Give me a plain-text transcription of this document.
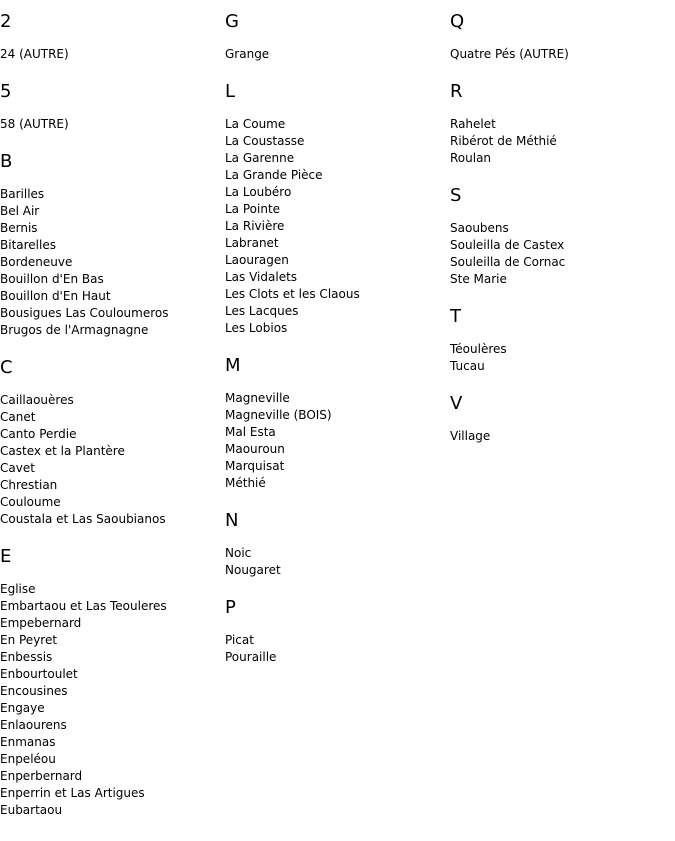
2
24 (AUTRE)
5
58 (AUTRE)
B
Barilles
Bel Air
Bernis
Bitarelles
Bordeneuve
Bouillon d'En Bas
Bouillon d'En Haut
Bousigues Las Couloumeros
Brugos de l'Armagnagne
C
Caillaouères
Canet
Canto Perdie
Castex et la Plantère
Cavet
Chrestian
Couloume
Coustala et Las Saoubianos
E
Eglise
Embartaou et Las Teouleres
Empebernard
En Peyret
Enbessis
Enbourtoulet
Encousines
Engaye
Enlaourens
Enmanas
Enpeléou
Enperbernard
Enperrin et Las Artigues
Eubartaou
G
Grange
L
La Coume
La Coustasse
La Garenne
La Grande Pièce
La Loubéro
La Pointe
La Rivière
Labranet
Laouragen
Las Vidalets
Les Clots et les Claous
Les Lacques
Les Lobios
M
Magneville
Magneville (BOIS)
Mal Esta
Maouroun
Marquisat
Méthié
N
Noic
Nougaret
P
Picat
Pouraille
Q
Quatre Pés (AUTRE)
R
Rahelet
Ribérot de Méthié
Roulan
S
Saoubens
Souleilla de Castex
Souleilla de Cornac
Ste Marie
T
Téoulères
Tucau
V
Village
